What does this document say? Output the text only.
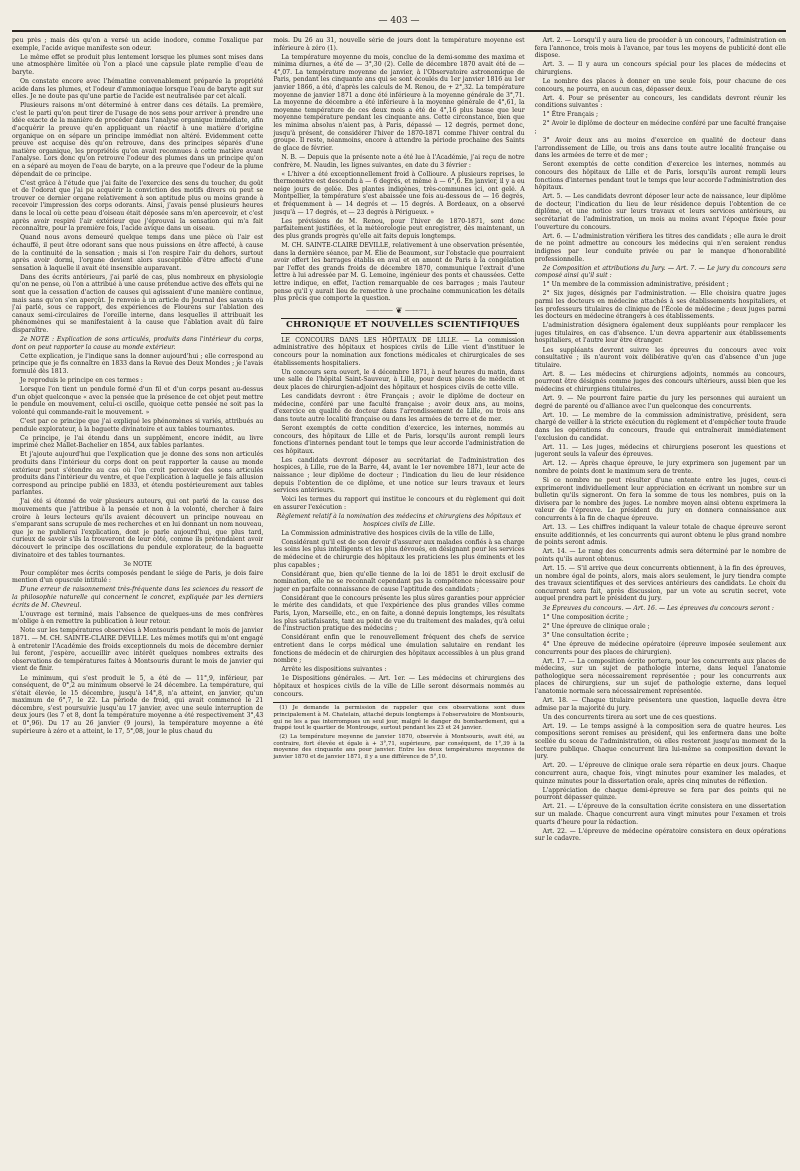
— 403 —

peu près ; mais dès qu'on a versé un acide inodore, comme l'oxalique par exemple, l'acide avique manifeste son odeur.

Le même effet se produit plus lentement lorsque les plumes sont mises dans une atmosphère limitée où l'on a placé une capsule plate remplie d'eau de baryte.

On constate encore avec l'hématine convenablement préparée la propriété acide dans les plumes, et l'odeur d'ammoniaque lorsque l'eau de baryte agit sur elles. Je ne doute pas qu'une partie de l'acide est neutralisée par cet alcali.

Plusieurs raisons m'ont déterminé à entrer dans ces détails. La première, c'est le parti qu'on peut tirer de l'usage de nos sens pour arriver à prendre une idée exacte de la manière de procéder dans l'analyse organique immédiate, afin d'acquérir la preuve qu'en appliquant un réactif à une matière d'origine organique on en sépare un principe immédiat non altéré. Evidemment cette preuve est acquise dès qu'on retrouve, dans des principes séparés d'une matière organique, les propriétés qu'on avait reconnues à cette matière avant l'analyse. Lors donc qu'on retrouve l'odeur des plumes dans un principe qu'on en a séparé au moyen de l'eau de baryte, on a la preuve que l'odeur de la plume dépendait de ce principe.

C'est grâce à l'étude que j'ai faite de l'exercice des sens du toucher, du goût et de l'odorat que j'ai pu acquérir la conviction des motifs divers où peut se trouver ce dernier organe relativement à son aptitude plus ou moins grande à recevoir l'impression des corps odorants. Ainsi, j'avais pensé plusieurs heures dans le local où cette peau d'oiseau était déposée sans m'en apercevoir, et c'est après avoir respiré l'air extérieur que j'éprouvai la sensation qui m'a fait reconnaître, pour la première fois, l'acide avique dans un oiseau.

Quand nous avons demeuré quelque temps dans une pièce où l'air est échauffé, il peut être odorant sans que nous puissions en être affecté, à cause de la continuité de la sensation ; mais si l'on respire l'air du dehors, surtout après avoir dormi, l'organe devient alors susceptible d'être affecté d'une sensation à laquelle il avait été insensible auparavant.

Dans des écrits antérieurs, j'ai parlé de cas, plus nombreux en physiologie qu'on ne pense, où l'on a attribué à une cause prétendue active des effets qui ne sont que la cessation d'action de causes qui agissaient d'une manière continue, mais sans qu'on s'en aperçût. Je renvoie à un article du Journal des savants où j'ai parlé, sous ce rapport, des expériences de Flourens sur l'ablation des canaux semi-circulaires de l'oreille interne, dans lesquelles il attribuait les phénomènes qui se manifestaient à la cause que l'ablation avait dû faire disparaître.

2e NOTE : Explication de sons articulés, produits dans l'intérieur du corps, dont on peut rapporter la cause au monde extérieur.

Cette explication, je l'indique sans la donner aujourd'hui ; elle correspond au principe que je fis connaître en 1833 dans la Revue des Deux Mondes ; je l'avais formulé dès 1813.

Je reproduis le principe en ces termes :

Lorsque l'on tient un pendule formé d'un fil et d'un corps pesant au-dessus d'un objet quelconque « avec la pensée que la présence de cet objet peut mettre le pendule en mouvement, celui-ci oscille, quoique cette pensée ne soit pas la volonté qui commande-rait le mouvement. »

C'est par ce principe que j'ai expliqué les phénomènes si variés, attribués au pendule explorateur, à la baguette divinatoire et aux tables tournantes.

Ce principe, je l'ai étendu dans un supplément, encore inédit, au livre imprimé chez Mallet-Bachelier en 1854, aux tables parlantes.

Et j'ajoute aujourd'hui que l'explication que je donne des sons non articulés produits dans l'intérieur du corps dont on peut rapporter la cause au monde extérieur peut s'étendre au cas où l'on croit percevoir des sons articulés produits dans l'intérieur du ventre, et que l'explication à laquelle je fais allusion correspond au principe publié en 1833, et étendu postérieurement aux tables parlantes.

J'ai été si étonné de voir plusieurs auteurs, qui ont parlé de la cause des mouvements que j'attribue à la pensée et non à la volonté, chercher à faire croire à leurs lecteurs qu'ils avaient découvert un principe nouveau en s'emparant sans scrupule de mes recherches et en lui donnant un nom nouveau, que je ne publierai l'explication, dont je parle aujourd'hui, que plus tard, curieux de savoir s'ils la trouveront de leur côté, comme ils prétendaient avoir découvert le principe des oscillations du pendule explorateur, de la baguette divinatoire et des tables tournantes.

3e NOTE

Pour compléter mes écrits composés pendant le siége de Paris, je dois faire mention d'un opuscule intitulé :

D'une erreur de raisonnement très-fréquente dans les sciences du ressort de la philosophie naturelle qui concernent le concret, expliquée par les derniers écrits de M. Chevreul.

L'ouvrage est terminé, mais l'absence de quelques-uns de mes confrères m'oblige à en remettre la publication à leur retour.

Note sur les températures observées à Montsouris pendant le mois de janvier 1871. — M. CH. SAINTE-CLAIRE DEVILLE. Les mêmes motifs qui m'ont engagé à entretenir l'Académie des froids exceptionnels du mois de décembre dernier lui feront, j'espère, accueillir avec intérêt quelques nombres extraits des observations de températures faites à Montsouris durant le mois de janvier qui vient de finir.

Le minimum, qui s'est produit le 5, a été de — 11°,9, inférieur, par conséquent, de 0°,2 au minimum observé le 24 décembre. La température, qui s'était élevée, le 15 décembre, jusqu'à 14°,8, n'a atteint, en janvier, qu'un maximum de 6°,7, le 22. La période de froid, qui avait commencé le 21 décembre, s'est poursuivie jusqu'au 17 janvier, avec une seule interruption de deux jours (les 7 et 8, dont la température moyenne a été respectivement 3°,43 et 0°,96). Du 17 au 26 janvier (9 jours), la température moyenne a été supérieure à zéro et a atteint, le 17, 5°,08, jour le plus chaud du

mois. Du 26 au 31, nouvelle série de jours dont la température moyenne est inférieure à zéro (1).

La température moyenne du mois, conclue de la demi-somme des maxima et minima diurnes, a été de — 3°,30 (2). Celle de décembre 1870 avait été de — 4°,07. La température moyenne de janvier, à l'Observatoire astronomique de Paris, pendant les cinquante ans qui se sont écoulés du 1er janvier 1816 au 1er janvier 1866, a été, d'après les calculs de M. Renou, de + 2°,32. La température moyenne de janvier 1871 a donc été inférieure à la moyenne générale de 3°,71. La moyenne de décembre a été inférieure à la moyenne générale de 4°,61, la moyenne température de ces deux mois a été de 4°,16 plus basse que leur moyenne température pendant les cinquante ans. Cette circonstance, bien que les minima absolus n'aient pas, à Paris, dépassé — 12 degrés, permet donc, jusqu'à présent, de considérer l'hiver de 1870-1871 comme l'hiver central du groupe. Il reste, néanmoins, encore à attendre la période prochaine des Saints de glace de février.

N. B. — Depuis que la présente note a été lue à l'Académie, j'ai reçu de notre confrère, M. Naudin, les lignes suivantes, en date du 3 février :

« L'hiver a été exceptionnellement froid à Collioure. A plusieurs reprises, le thermomètre est descendu à — 6 degrés, et même à — 6°,6. En janvier, il y a eu neige jours de gelée. Des plantes indigènes, très-communes ici, ont gelé. A Montpellier, la température s'est abaissée une fois au-dessous de — 16 degrés, et fréquemment à — 14 degrés et — 15 degrés. A Bordeaux, on a observé jusqu'à — 17 degrés, et — 23 degrés à Périgueux. »

Les prévisions de M. Renou, pour l'hiver de 1870-1871, sont donc parfaitement justifiées, et la météorologie peut enregistrer, dès maintenant, un des plus grands progrès qu'elle ait faits depuis longtemps.

M. CH. SAINTE-CLAIRE DEVILLE, relativement à une observation présentée, dans la dernière séance, par M. Élie de Beaumont, sur l'obstacle que pourraient avoir offert les barrages établis en aval et en amont de Paris à la congélation par l'effet des grands froids de décembre 1870, communique l'extrait d'une lettre à lui adressée par M. G. Lemoine, ingénieur des ponts et chaussées. Cette lettre indique, en effet, l'action remarquable de ces barrages ; mais l'auteur pense qu'il y aurait lieu de remettre à une prochaine communication les détails plus précis que comporte la question.

⸺⸺ ❦ ⸺⸺

CHRONIQUE ET NOUVELLES SCIENTIFIQUES

LE CONCOURS DANS LES HÔPITAUX DE LILLE. — La commission administrative des hôpitaux et hospices civils de Lille vient d'instituer le concours pour la nomination aux fonctions médicales et chirurgicales de ses établissements hospitaliers.

Un concours sera ouvert, le 4 décembre 1871, à neuf heures du matin, dans une salle de l'hôpital Saint-Sauveur, à Lille, pour deux places de médecin et deux places de chirurgien-adjoint des hôpitaux et hospices civils de cette ville.

Les candidats devront : être Français ; avoir le diplôme de docteur en médecine, conféré par une faculté française ; avoir deux ans, au moins, d'exercice en qualité de docteur dans l'arrondissement de Lille, ou trois ans dans toute autre localité française ou dans les armées de terre et de mer.

Seront exemptés de cette condition d'exercice, les internes, nommés au concours, des hôpitaux de Lille et de Paris, lorsqu'ils auront rempli leurs fonctions d'internes pendant tout le temps que leur accorde l'administration de ces hôpitaux.

Les candidats devront déposer au secrétariat de l'administration des hospices, à Lille, rue de la Barre, 44, avant le 1er novembre 1871, leur acte de naissance ; leur diplôme de docteur ; l'indication du lieu de leur résidence depuis l'obtention de ce diplôme, et une notice sur leurs travaux et leurs services antérieurs.

Voici les termes du rapport qui institue le concours et du règlement qui doit en assurer l'exécution :

Règlement relatif à la nomination des médecins et chirurgiens des hôpitaux et hospices civils de Lille.

La Commission administrative des hospices civils de la ville de Lille,

Considérant qu'il est de son devoir d'assurer aux malades confiés à sa charge les soins les plus intelligents et les plus dévoués, en désignant pour les services de médecine et de chirurgie des hôpitaux les praticiens les plus éminents et les plus capables ;

Considérant que, bien qu'elle tienne de la loi de 1851 le droit exclusif de nomination, elle ne se reconnaît cependant pas la compétence nécessaire pour juger en parfaite connaissance de cause l'aptitude des candidats ;

Considérant que le concours présente les plus sûres garanties pour apprécier le mérite des candidats, et que l'expérience des plus grandes villes comme Paris, Lyon, Marseille, etc., en on faite, a donné depuis longtemps, les résultats les plus satisfaisants, tant au point de vue du traitement des malades, qu'à celui de l'instruction pratique des médecins ;

Considérant enfin que le renouvellement fréquent des chefs de service entretient dans le corps médical une émulation salutaire en rendant les fonctions de médecin et de chirurgien des hôpitaux accessibles à un plus grand nombre ;

Arrête les dispositions suivantes :

1e Dispositions générales. — Art. 1er. — Les médecins et chirurgiens des hôpitaux et hospices civils de la ville de Lille seront désormais nommés au concours.

(1) Je demande la permission de rappeler que ces observations sont dues principalement à M. Chatelain, attaché depuis longtemps à l'observatoire de Montsouris, qui ne les a pas interrompues un seul jour, malgré le danger du bombardement, qui a frappé tout le quartier de Montrouge, surtout pendant les 23 et 24 janvier.

(2) La température moyenne de janvier 1870, observée à Montsouris, avait été, au contraire, fort élevée et égale à + 3°,71, supérieure, par conséquent, de 1°,39 à la moyenne des cinquante ans pour janvier. Entre les deux températures moyennes de janvier 1870 et de janvier 1871, il y a une différence de 5°,10.

Art. 2. — Lorsqu'il y aura lieu de procéder à un concours, l'administration en fera l'annonce, trois mois à l'avance, par tous les moyens de publicité dont elle dispose.

Art. 3. — Il y aura un concours spécial pour les places de médecins et chirurgiens.

Le nombre des places à donner en une seule fois, pour chacune de ces concours, ne pourra, en aucun cas, dépasser deux.

Art. 4. Pour se présenter au concours, les candidats devront réunir les conditions suivantes :

1° Être Français ;

2° Avoir le diplôme de docteur en médecine conféré par une faculté française ;

3° Avoir deux ans au moins d'exercice en qualité de docteur dans l'arrondissement de Lille, ou trois ans dans toute autre localité française ou dans les armées de terre et de mer ;

Seront exemptés de cette condition d'exercice les internes, nommés au concours des hôpitaux de Lille et de Paris, lorsqu'ils auront rempli leurs fonctions d'internes pendant tout le temps que leur accorde l'administration des hôpitaux.

Art. 5. — Les candidats devront déposer leur acte de naissance, leur diplôme de docteur, l'indication du lieu de leur résidence depuis l'obtention de ce diplôme, et une notice sur leurs travaux et leurs services antérieurs, au secrétariat de l'administration, un mois au moins avant l'époque fixée pour l'ouverture du concours.

Art. 6. — L'administration vérifiera les titres des candidats ; elle aura le droit de ne point admettre au concours les médecins qui n'en seraient rendus indignes par leur conduite privée ou par le manque d'honorabilité professionnelle.

2e Composition et attributions du Jury. — Art. 7. — Le jury du concours sera composé ainsi qu'il suit :

1° Un membre de la commission administrative, président ;

2° Six juges, désignés par l'administration. — Elle choisira quatre juges parmi les docteurs en médecine attachés à ses établissements hospitaliers, et les professeurs titulaires de clinique de l'École de médecine ; deux juges parmi les docteurs en médecine étrangers à ces établissements.

L'administration désignera également deux suppléants pour remplacer les juges titulaires, en cas d'absence. L'un devra appartenir aux établissements hospitaliers, et l'autre leur être étranger.

Les suppléants devront suivre les épreuves du concours avec voix consultative ; ils n'auront voix délibérative qu'en cas d'absence d'un juge titulaire.

Art. 8. — Les médecins et chirurgiens adjoints, nommés au concours, pourront être désignés comme juges des concours ultérieurs, aussi bien que les médecins et chirurgiens titulaires.

Art. 9. — Ne pourront faire partie du jury les personnes qui auraient un degré de parenté ou d'alliance avec l'un quelconque des concurrents.

Art. 10. — Le membre de la commission administrative, président, sera chargé de veiller à la stricte exécution du règlement et d'empêcher toute fraude dans les opérations du concours, fraude qui entraînerait immédiatement l'exclusion du candidat.

Art. 11. — Les juges, médecins et chirurgiens poseront les questions et jugeront seuls la valeur des épreuves.

Art. 12. — Après chaque épreuve, le jury exprimera son jugement par un nombre de points dont le maximum sera de trente.

Si ce nombre ne peut résulter d'une entente entre les juges, ceux-ci exprimeront individuellement leur appréciation en écrivant un nombre sur un bulletin qu'ils signeront. On fera la somme de tous les nombres, puis on la divisera par le nombre des juges. Le nombre moyen ainsi obtenu exprimera la valeur de l'épreuve. Le président du jury en donnera connaissance aux concurrents à la fin de chaque épreuve.

Art. 13. — Les chiffres indiquant la valeur totale de chaque épreuve seront ensuite additionnés, et les concurrents qui auront obtenu le plus grand nombre de points seront admis.

Art. 14. — Le rang des concurrents admis sera déterminé par le nombre de points qu'ils auront obtenus.

Art. 15. — S'il arrive que deux concurrents obtiennent, à la fin des épreuves, un nombre égal de points, alors, mais alors seulement, le jury tiendra compte des travaux scientifiques et des services antérieurs des candidats. Le choix du concurrent sera fait, après discussion, par un vote au scrutin secret, vote auquel prendra part le président du jury.

3e Épreuves du concours. — Art. 16. — Les épreuves du concours seront :

1° Une composition écrite ;

2° Une épreuve de clinique orale ;

3° Une consultation écrite ;

4° Une épreuve de médecine opératoire (épreuve imposée seulement aux concurrents pour des places de chirurgien).

Art. 17. — La composition écrite portera, pour les concurrents aux places de médecins, sur un sujet de pathologie interne, dans lequel l'anatomie pathologique sera nécessairement représentée ; pour les concurrents aux places de chirurgiens, sur un sujet de pathologie externe, dans lequel l'anatomie normale sera nécessairement représentée.

Art. 18. — Chaque titulaire présentera une question, laquelle devra être admise par la majorité du jury.

Un des concurrents tirera au sort une de ces questions.

Art. 19. — Le temps assigné à la composition sera de quatre heures. Les compositions seront remises au président, qui les enfermera dans une boîte scellée du sceau de l'administration, où elles resteront jusqu'au moment de la lecture publique. Chaque concurrent lira lui-même sa composition devant le jury.

Art. 20. — L'épreuve de clinique orale sera répartie en deux jours. Chaque concurrent aura, chaque fois, vingt minutes pour examiner les malades, et quinze minutes pour la dissertation orale, après cinq minutes de réflexion.

L'appréciation de chaque demi-épreuve se fera par des points qui ne pourront dépasser quinze.

Art. 21. — L'épreuve de la consultation écrite consistera en une dissertation sur un malade. Chaque concurrent aura vingt minutes pour l'examen et trois quarts d'heure pour la rédaction.

Art. 22. — L'épreuve de médecine opératoire consistera en deux opérations sur le cadavre.
